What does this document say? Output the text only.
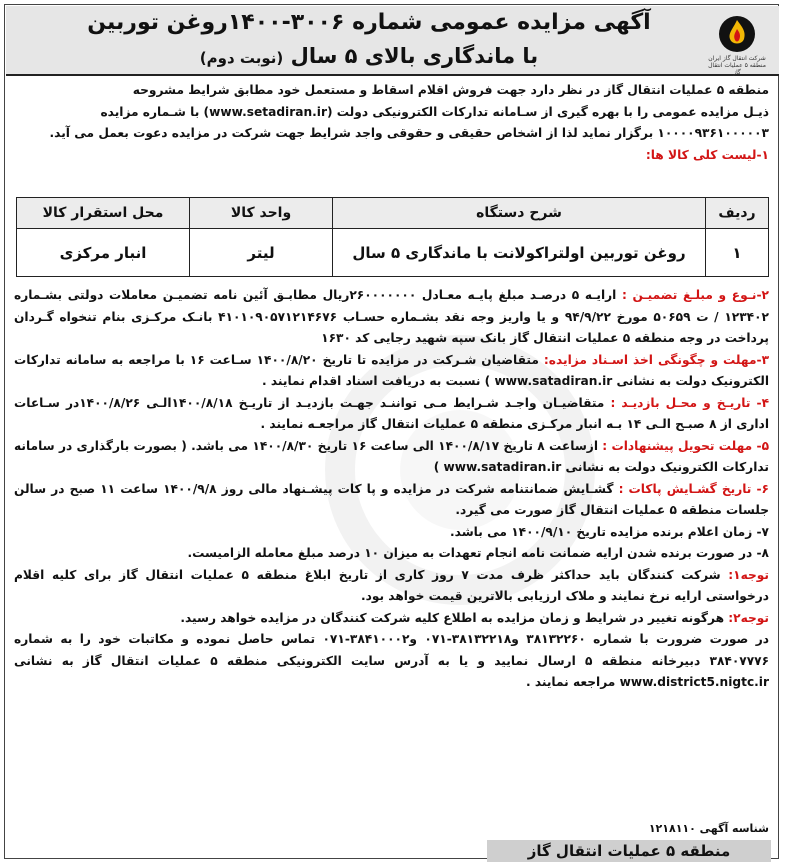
شرکت انتقال گاز ایران منطقه ۵ عملیات انتقال گاز
آگهی مزایده عمومی شماره ۳۰۰۶-۱۴۰۰روغن توربین
با ماندگاری بالای ۵ سال (نوبت دوم)

منطقه ۵ عملیات انتقال گاز در نظر دارد جهت فروش اقلام اسقاط و مستعمل خود مطابق شرایط مشروحه

ذیـل مزایده عمومی را با بهره گیری از سـامانه تدارکات الکترونیکی دولت (www.setadiran.ir) با شـماره مزایده

۱۰۰۰۰۹۳۶۱۰۰۰۰۰۳ برگزار نماید لذا از اشخاص حقیقی و حقوقی واجد شرایط جهت شرکت در مزایده دعوت بعمل می آید.

۱-لیست کلی کالا ها:

ردیف	شرح دستگاه	واحد کالا	محل استقرار کالا
۱	روغن توربین اولتراکولانت با ماندگاری ۵ سال	لیتر	انبار مرکزی

۲-نـوع و مبلـغ تضمیـن : ارایـه ۵ درصـد مبلغ پایـه معـادل ۲۶۰۰۰۰۰۰۰ریال مطابـق آئین نامه تضمیـن معاملات دولتی بشـماره ۱۲۳۴۰۲ / ت ۵۰۶۵۹ مورخ ۹۴/۹/۲۲ و یا واریز وجه نقد بشـماره حسـاب ۴۱۰۱۰۹۰۵۷۱۲۱۴۶۷۶ بانـک مرکـزی بنام تنخواه گـردان پرداخت در وجه منطقه ۵ عملیات انتقال گاز بانک سپه شهید رجایی کد ۱۶۳۰

۳-مهلت و چگونگی اخذ اسـناد مزایده: متقاضیان شـرکت در مزایده تا تاریخ ۱۴۰۰/۸/۲۰ سـاعت ۱۶ با مراجعه به سامانه تدارکات الکترونیک دولت به نشانی www.satadiran.ir ) نسبت به دریافت اسناد اقدام نمایند .

۴- تاریـخ و محـل بازدیـد : متقاضیـان واجـد شـرایط مـی تواننـد جهـت بازدیـد از تاریـخ ۱۴۰۰/۸/۱۸الـی ۱۴۰۰/۸/۲۶در سـاعات اداری از ۸ صبـح الـی ۱۴ بـه انبار مرکـزی منطقه ۵ عملیات انتقال گاز مراجعـه نمایند .

۵- مهلت تحویل پیشنهادات : ازساعت ۸ تاریخ ۱۴۰۰/۸/۱۷ الی ساعت ۱۶ تاریخ ۱۴۰۰/۸/۳۰ می باشد. ( بصورت بارگذاری در سامانه تدارکات الکترونیک دولت به نشانی www.satadiran.ir )

۶- تاریخ گشـایش پاکات : گشـایش ضمانتنامه شرکت در مزایده و پا کات پیشـنهاد مالی روز ۱۴۰۰/۹/۸ ساعت ۱۱ صبح در سالن جلسات منطقه ۵ عملیات انتقال گاز صورت می گیرد.

۷- زمان اعلام برنده مزایده تاریخ ۱۴۰۰/۹/۱۰ می باشد.

۸- در صورت برنده شدن ارایه ضمانت نامه انجام تعهدات به میزان ۱۰ درصد مبلغ معامله الزامیست.

توجه۱: شرکت کنندگان باید حداکثر ظرف مدت ۷ روز کاری از تاریخ ابلاغ منطقه ۵ عملیات انتقال گاز برای کلیه اقلام درخواستی ارایه نرخ نمایند و ملاک ارزیابی بالاترین قیمت خواهد بود.

توجه۲: هرگونه تغییر در شرایط و زمان مزایده به اطلاع کلیه شرکت کنندگان در مزایده خواهد رسید.

در صورت ضرورت با شماره ۳۸۱۳۲۲۶۰ و۳۸۱۳۲۲۱۸-۰۷۱ و۳۸۴۱۰۰۰۲-۰۷۱ تماس حاصل نموده و مکاتبات خود را به شماره ۳۸۴۰۷۷۷۶ دبیرخانه منطقه ۵ ارسال نمایید و یا به آدرس سایت الکترونیکی منطقه ۵ عملیات انتقال گاز به نشانی www.district5.nigtc.ir مراجعه نمایند .

شناسه آگهی ۱۲۱۸۱۱۰
منطقه ۵ عملیات انتقال گاز
